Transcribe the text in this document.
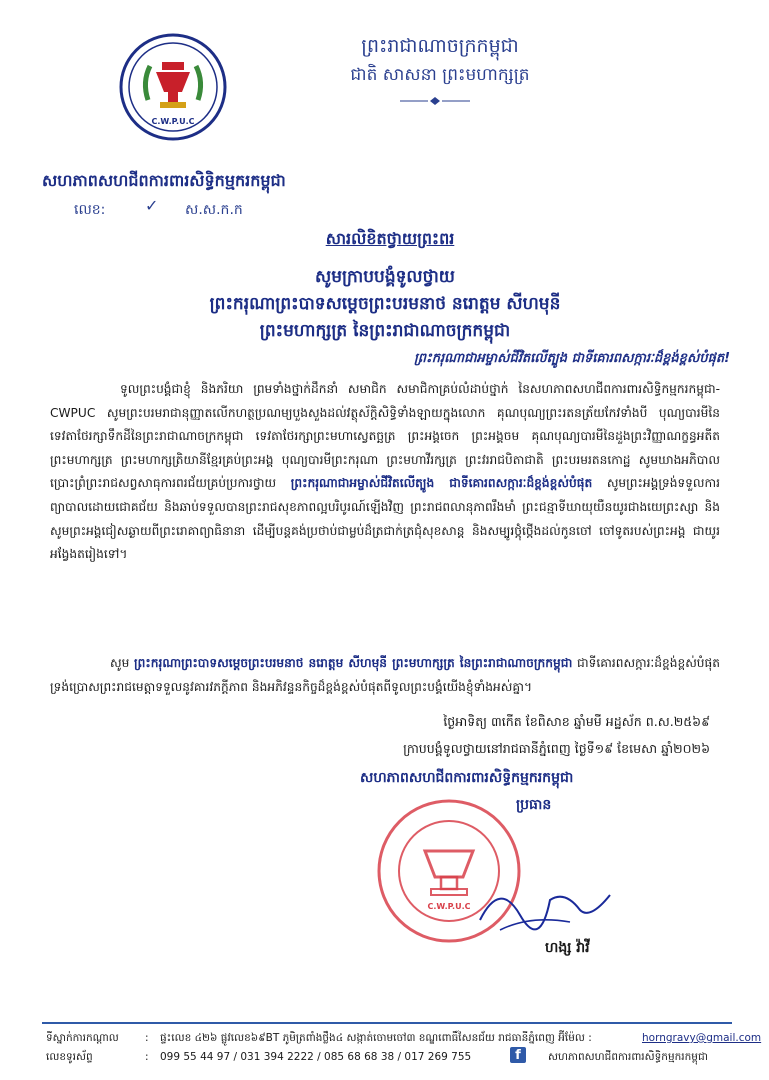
C.W.P.U.C
ព្រះរាជាណាចក្រកម្ពុជា
ជាតិ សាសនា ព្រះមហាក្សត្រ
សហភាពសហជីពការពារសិទ្ធិកម្មករកម្ពុជា
លេខ: ✓ ស.ស.ក.ក
សារលិខិតថ្វាយព្រះពរ
សូមក្រាបបង្គំទូលថ្វាយ
ព្រះករុណាព្រះបាទសម្តេចព្រះបរមនាថ នរោត្តម សីហមុនី
ព្រះមហាក្សត្រ នៃព្រះរាជាណាចក្រកម្ពុជា
ព្រះករុណាជាអម្ចាស់ជីវិតលើត្បូង ជាទីគោរពសក្ការៈដ៏ខ្ពង់ខ្ពស់បំផុត!
ទូលព្រះបង្គំជាខ្ញុំ និងភរិយា ព្រមទាំងថ្នាក់ដឹកនាំ សមាជិក សមាជិកាគ្រប់លំដាប់ថ្នាក់ នៃសហភាពសហជីពការពារសិទ្ធិកម្មករកម្ពុជា-CWPUC សូមព្រះបរមរាជានុញ្ញាតលើកហត្ថប្រណម្យបួងសួងដល់វត្ថុស័ក្តិសិទ្ធិទាំងឡាយក្នុងលោក គុណបុណ្យព្រះរតនត្រ័យកែវទាំងបី បុណ្យបារមីនៃទេវតាថែរក្សាទឹកដីនៃព្រះរាជាណាចក្រកម្ពុជា ទេវតាថែរក្សាព្រះមហាស្វេតច្ឆត្រ ព្រះអង្គចេក ព្រះអង្គចម គុណបុណ្យបារមីនៃដួងព្រះវិញ្ញាណក្ខន្ធអតីតព្រះមហាក្សត្រ ព្រះមហាក្សត្រិយានីខ្មែរគ្រប់ព្រះអង្គ បុណ្យបារមីព្រះករុណា ព្រះមហាវីរក្សត្រ ព្រះវររាជបិតាជាតិ ព្រះបរមរតនកោដ្ឋ សូមឃាងអភិបាលប្រោះព្រំព្រះរាជសព្វសាធុការពរជ័យគ្រប់ប្រការថ្វាយ ព្រះករុណាជាអម្ចាស់ជីវិតលើត្បូង ជាទីគោរពសក្ការៈដ៏ខ្ពង់ខ្ពស់បំផុត សូមព្រះអង្គទ្រង់ទទួលការព្យាបាលដោយជោគជ័យ និងឆាប់ទទួលបានព្រះរាជសុខភាពល្អបរិបូរណ៍ឡើងវិញ ព្រះរាជពលានុភាពរឹងមាំ ព្រះជន្មាទីឃាយុយឺនយូរជាងយេព្រះស្សា និងសូមព្រះអង្គជៀសឆ្ងាយពីព្រះរោគាព្យាធិនានា ដើម្បីបន្តគង់ប្រថាប់ជាម្លប់ដ៏ត្រជាក់ត្រជុំសុខសាន្ត និងសម្បូរថ្កុំថ្កើងដល់កូនចៅ ចៅទូតរបស់ព្រះអង្គ ជាយូរអង្វែងតរៀងទៅ។
សូម ព្រះករុណាព្រះបាទសម្តេចព្រះបរមនាថ នរោត្តម សីហមុនី ព្រះមហាក្សត្រ នៃព្រះរាជាណាចក្រកម្ពុជា ជាទីគោរពសក្ការៈដ៏ខ្ពង់ខ្ពស់បំផុត ទ្រង់ប្រោសព្រះរាជមេត្តាទទួលនូវគារវភក្តីភាព និងអភិវន្ទនកិច្ចដ៏ខ្ពង់ខ្ពស់បំផុតពីទូលព្រះបង្គំយើងខ្ញុំទាំងអស់គ្នា។
ថ្ងៃអាទិត្យ ៣កើត ខែពិសាខ ឆ្នាំមមី អដ្ឋស័ក ព.ស.២៥៦៩
ក្រាបបង្គំទូលថ្វាយនៅរាជធានីភ្នំពេញ ថ្ងៃទី១៩ ខែមេសា ឆ្នាំ២០២៦
C.W.P.U.C
សហភាពសហជីពការពារសិទ្ធិកម្មករកម្ពុជា
ប្រធាន
ហង្ស វ៉ាវី
ទីស្នាក់ការកណ្តាល : ផ្ទះលេខ ៤២៦ ផ្លូវលេខ៦៩BT ភូមិត្រពាំងថ្លឹង៤ សង្កាត់ចោមចៅ៣ ខណ្ឌពោធិ៍សែនជ័យ រាជធានីភ្នំពេញ អ៊ីម៉ែល :	horngravy@gmail.com
លេខទូរស័ព្ទ	: 099 55 44 97 / 031 394 2222 / 085 68 68 38 / 017 269 755	f	សហភាពសហជីពការពារសិទ្ធិកម្មករកម្ពុជា
